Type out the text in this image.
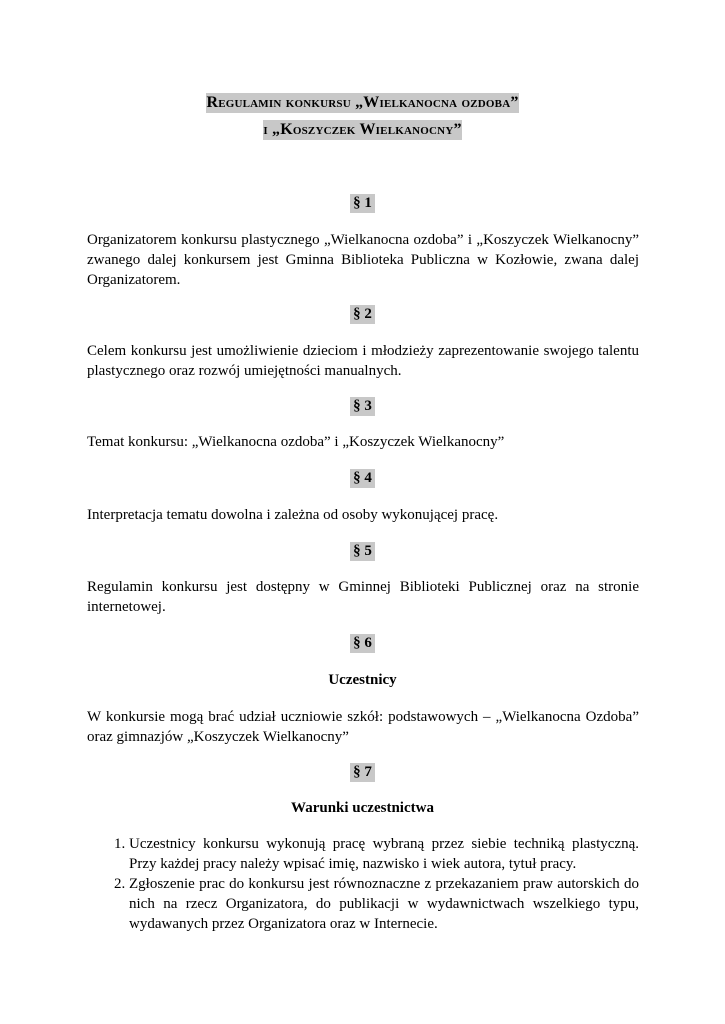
Regulamin konkursu „Wielkanocna ozdoba”
i „Koszyczek Wielkanocny”
§ 1
Organizatorem konkursu plastycznego „Wielkanocna ozdoba” i „Koszyczek Wielkanocny” zwanego dalej konkursem jest Gminna Biblioteka Publiczna w Kozłowie, zwana dalej Organizatorem.
§ 2
Celem konkursu jest umożliwienie dzieciom i młodzieży zaprezentowanie swojego talentu plastycznego oraz rozwój umiejętności manualnych.
§ 3
Temat konkursu: „Wielkanocna ozdoba” i „Koszyczek Wielkanocny”
§ 4
Interpretacja tematu dowolna i zależna od osoby wykonującej pracę.
§ 5
Regulamin konkursu jest dostępny w Gminnej Biblioteki Publicznej oraz na stronie internetowej.
§ 6
Uczestnicy
W konkursie mogą brać udział uczniowie szkół: podstawowych – „Wielkanocna Ozdoba” oraz gimnazjów „Koszyczek Wielkanocny”
§ 7
Warunki uczestnictwa
1. Uczestnicy konkursu wykonują pracę wybraną przez siebie techniką plastyczną. Przy każdej pracy należy wpisać imię, nazwisko i wiek autora, tytuł pracy.
2. Zgłoszenie prac do konkursu jest równoznaczne z przekazaniem praw autorskich do nich na rzecz Organizatora, do publikacji w wydawnictwach wszelkiego typu, wydawanych przez Organizatora oraz w Internecie.
